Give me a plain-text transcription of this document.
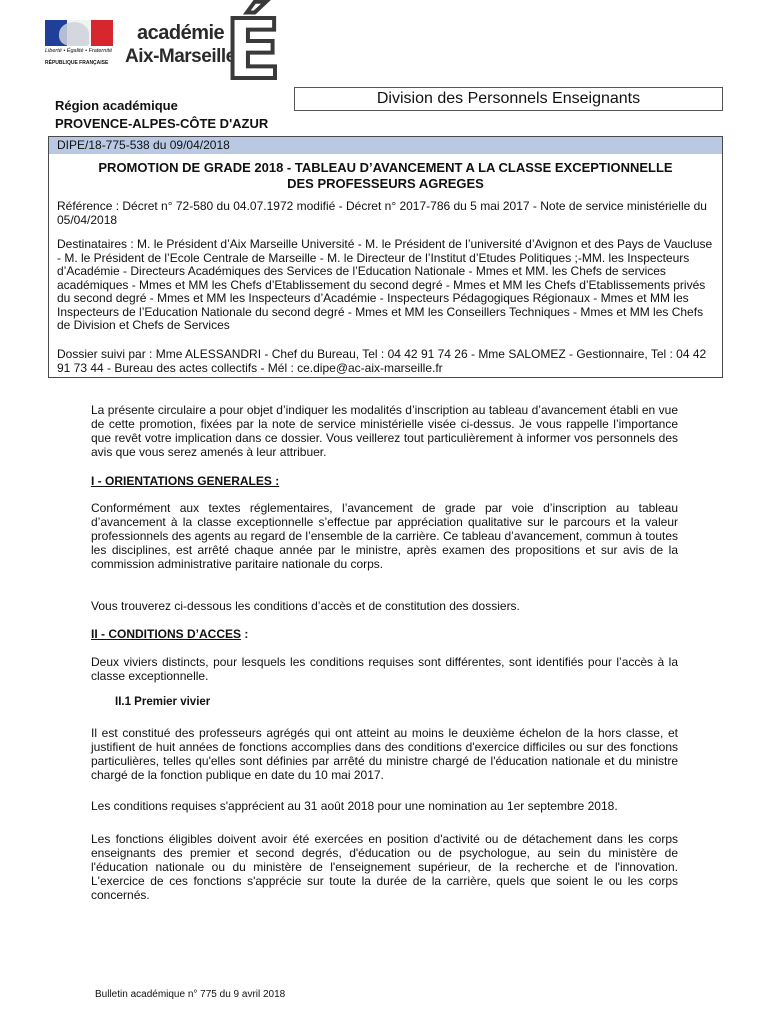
Liberté • Égalité • Fraternité
RÉPUBLIQUE FRANÇAISE
académie
Aix-Marseille
É
Région académique
PROVENCE-ALPES-CÔTE D'AZUR
Division des Personnels Enseignants
DIPE/18-775-538 du 09/04/2018
PROMOTION DE GRADE 2018 - TABLEAU D’AVANCEMENT A LA CLASSE EXCEPTIONNELLE
DES PROFESSEURS AGREGES
Référence : Décret n° 72-580 du 04.07.1972 modifié - Décret n° 2017-786 du 5 mai 2017 - Note de service ministérielle du 05/04/2018
Destinataires : M. le Président d’Aix Marseille Université - M. le Président de l’université d’Avignon et des Pays de Vaucluse - M. le Président de l’Ecole Centrale de Marseille - M. le Directeur de l’Institut d’Etudes Politiques ;-MM. les Inspecteurs d’Académie - Directeurs Académiques des Services de l’Education Nationale - Mmes et MM. les Chefs de services académiques - Mmes et MM les Chefs d’Etablissement du second degré - Mmes et MM les Chefs d’Etablissements privés du second degré - Mmes et MM les Inspecteurs d’Académie - Inspecteurs Pédagogiques Régionaux - Mmes et MM les Inspecteurs de l’Education Nationale du second degré - Mmes et MM les Conseillers Techniques - Mmes et MM les Chefs de Division et Chefs de Services
Dossier suivi par : Mme ALESSANDRI - Chef du Bureau, Tel : 04 42 91 74 26 - Mme SALOMEZ - Gestionnaire, Tel : 04 42 91 73 44 - Bureau des actes collectifs - Mél : ce.dipe@ac-aix-marseille.fr
La présente circulaire a pour objet d’indiquer les modalités d’inscription au tableau d’avancement établi en vue de cette promotion, fixées par la note de service ministérielle visée ci-dessus. Je vous rappelle l’importance que revêt votre implication dans ce dossier. Vous veillerez tout particulièrement à informer vos personnels des avis que vous serez amenés à leur attribuer.
I - ORIENTATIONS GENERALES :
Conformément aux textes réglementaires, l’avancement de grade par voie d’inscription au tableau d’avancement à la classe exceptionnelle s’effectue par appréciation qualitative sur le parcours et la valeur professionnels des agents au regard de l’ensemble de la carrière. Ce tableau d’avancement, commun à toutes les disciplines, est arrêté chaque année par le ministre, après examen des propositions et sur avis de la commission administrative paritaire nationale du corps.
Vous trouverez ci-dessous les conditions d’accès et de constitution des dossiers.
II - CONDITIONS D’ACCES :
Deux viviers distincts, pour lesquels les conditions requises sont différentes, sont identifiés pour l’accès à la classe exceptionnelle.
II.1 Premier vivier
Il est constitué des professeurs agrégés qui ont atteint au moins le deuxième échelon de la hors classe, et justifient de huit années de fonctions accomplies dans des conditions d'exercice difficiles ou sur des fonctions particulières, telles qu'elles sont définies par arrêté du ministre chargé de l'éducation nationale et du ministre chargé de la fonction publique en date du 10 mai 2017.
Les conditions requises s'apprécient au 31 août 2018 pour une nomination au 1er septembre 2018.
Les fonctions éligibles doivent avoir été exercées en position d'activité ou de détachement dans les corps enseignants des premier et second degrés, d'éducation ou de psychologue, au sein du ministère de l'éducation nationale ou du ministère de l'enseignement supérieur, de la recherche et de l'innovation. L'exercice de ces fonctions s'apprécie sur toute la durée de la carrière, quels que soient le ou les corps concernés.
Bulletin académique n° 775 du 9 avril 2018
